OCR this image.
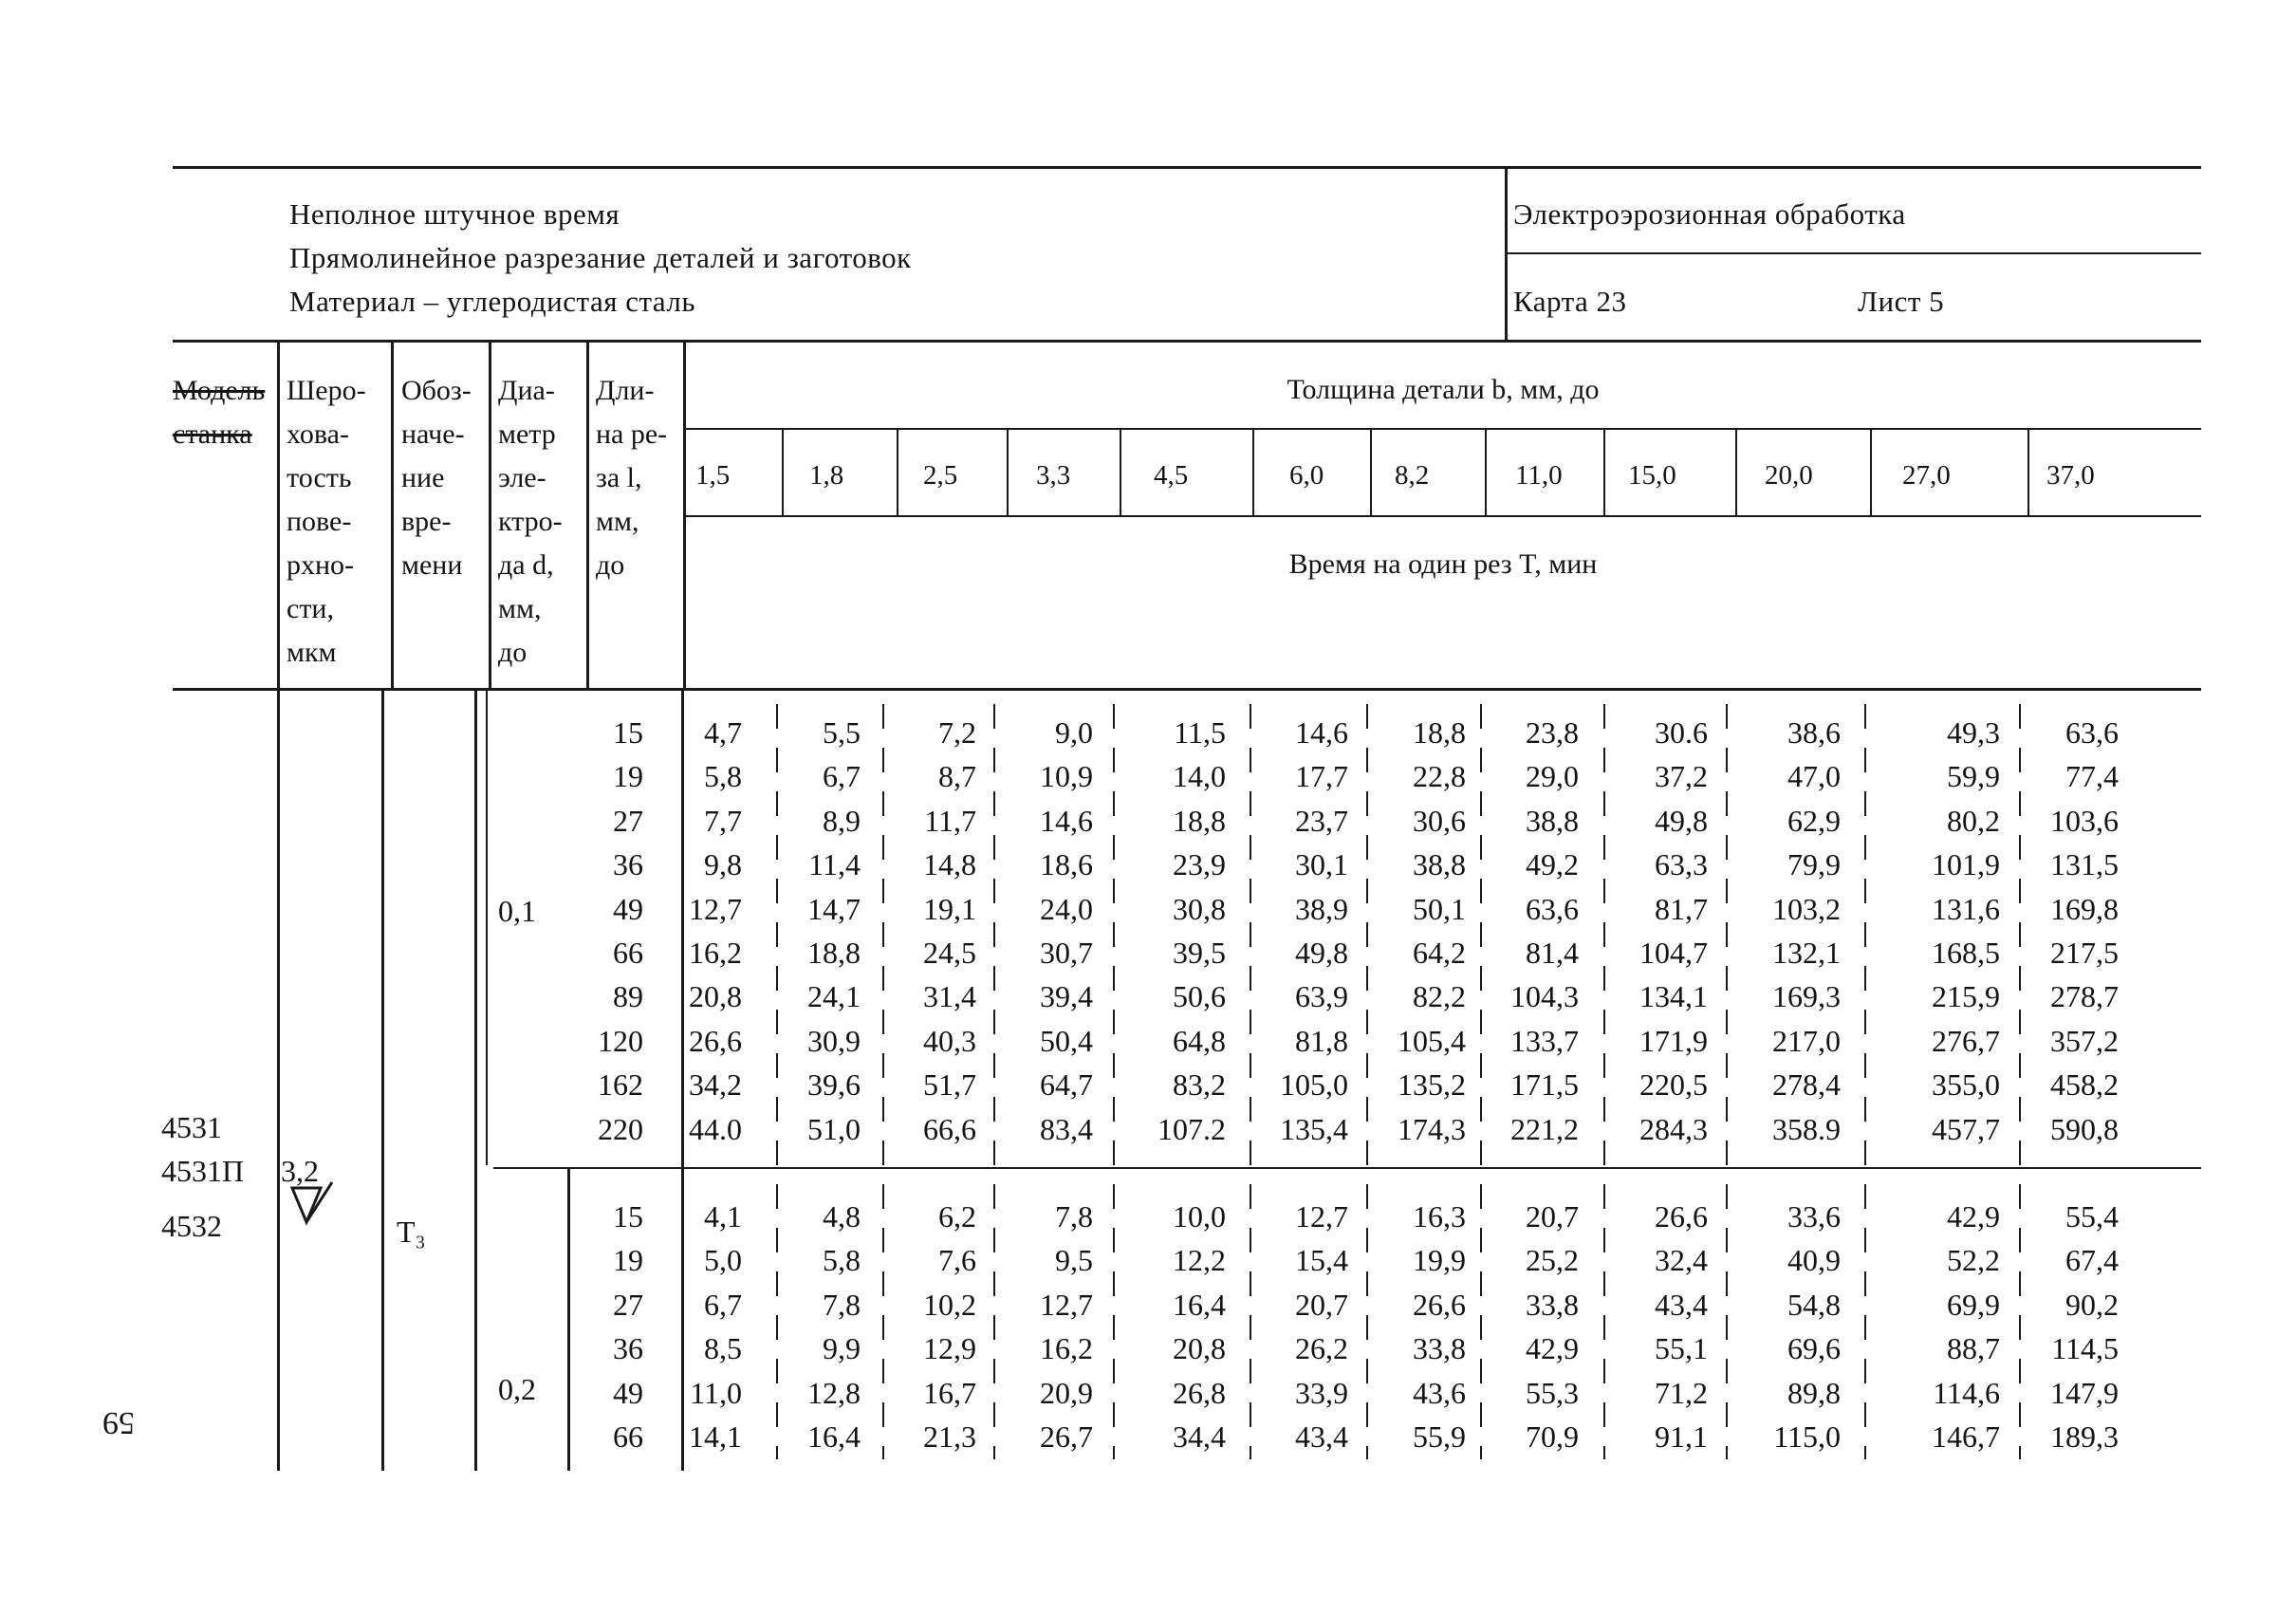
Неполное штучное время
Прямолинейное разрезание деталей и заготовок
Материал – углеродистая сталь
Электроэрозионная обработка
Карта 23	Лист 5
Модель
станка
Шеро-
хова-
тость
пове-
рхно-
сти,
мкм
Обоз-
наче-
ние
вре-
мени
Диа-
метр
эле-
ктро-
да d,
мм,
до
Дли-
на ре-
за l,
мм,
до
Толщина детали b, мм, до
Время на один рез T, мин
1,5	1,8	2,5	3,3	4,5	6,0	8,2	11,0 15,0	20,0	27,0	37,0
4531
4531П
4532
3,2
T₃
0,1
0,2
15 4,7	5,5	7,2	9,0	11,5 14,6 18,8 23,8	30.6	38,6	49,3 63,6
19 5,8	6,7	8,7 10,9	14,0 17,7 22,8 29,0	37,2	47,0	59,9 77,4
27 7,7	8,9 11,7 14,6	18,8 23,7 30,6 38,8	49,8	62,9	80,2 103,6
36 9,8 11,4 14,8 18,6	23,9 30,1 38,8 49,2	63,3	79,9	101,9 131,5
49 12,7 14,7 19,1 24,0	30,8 38,9 50,1 63,6	81,7 103,2	131,6 169,8
66 16,2 18,8 24,5 30,7	39,5 49,8 64,2 81,4 104,7 132,1	168,5 217,5
89 20,8 24,1 31,4 39,4	50,6 63,9 82,2 104,3 134,1 169,3	215,9 278,7
120 26,6 30,9 40,3 50,4	64,8 81,8 105,4 133,7 171,9 217,0	276,7 357,2
162 34,2 39,6 51,7 64,7	83,2 105,0 135,2 171,5 220,5 278,4	355,0 458,2
220 44.0 51,0 66,6 83,4 107.2 135,4 174,3 221,2 284,3 358.9	457,7 590,8
15 4,1	4,8	6,2	7,8	10,0 12,7 16,3 20,7	26,6	33,6	42,9 55,4
19 5,0	5,8	7,6	9,5	12,2 15,4 19,9 25,2	32,4	40,9	52,2 67,4
27 6,7	7,8 10,2 12,7	16,4 20,7 26,6 33,8	43,4	54,8	69,9 90,2
36 8,5	9,9 12,9 16,2	20,8 26,2 33,8 42,9	55,1	69,6	88,7 114,5
49 11,0 12,8 16,7 20,9	26,8 33,9 43,6 55,3	71,2	89,8	114,6 147,9
66 14,1 16,4 21,3 26,7	34,4 43,4 55,9 70,9	91,1 115,0	146,7 189,3
59
